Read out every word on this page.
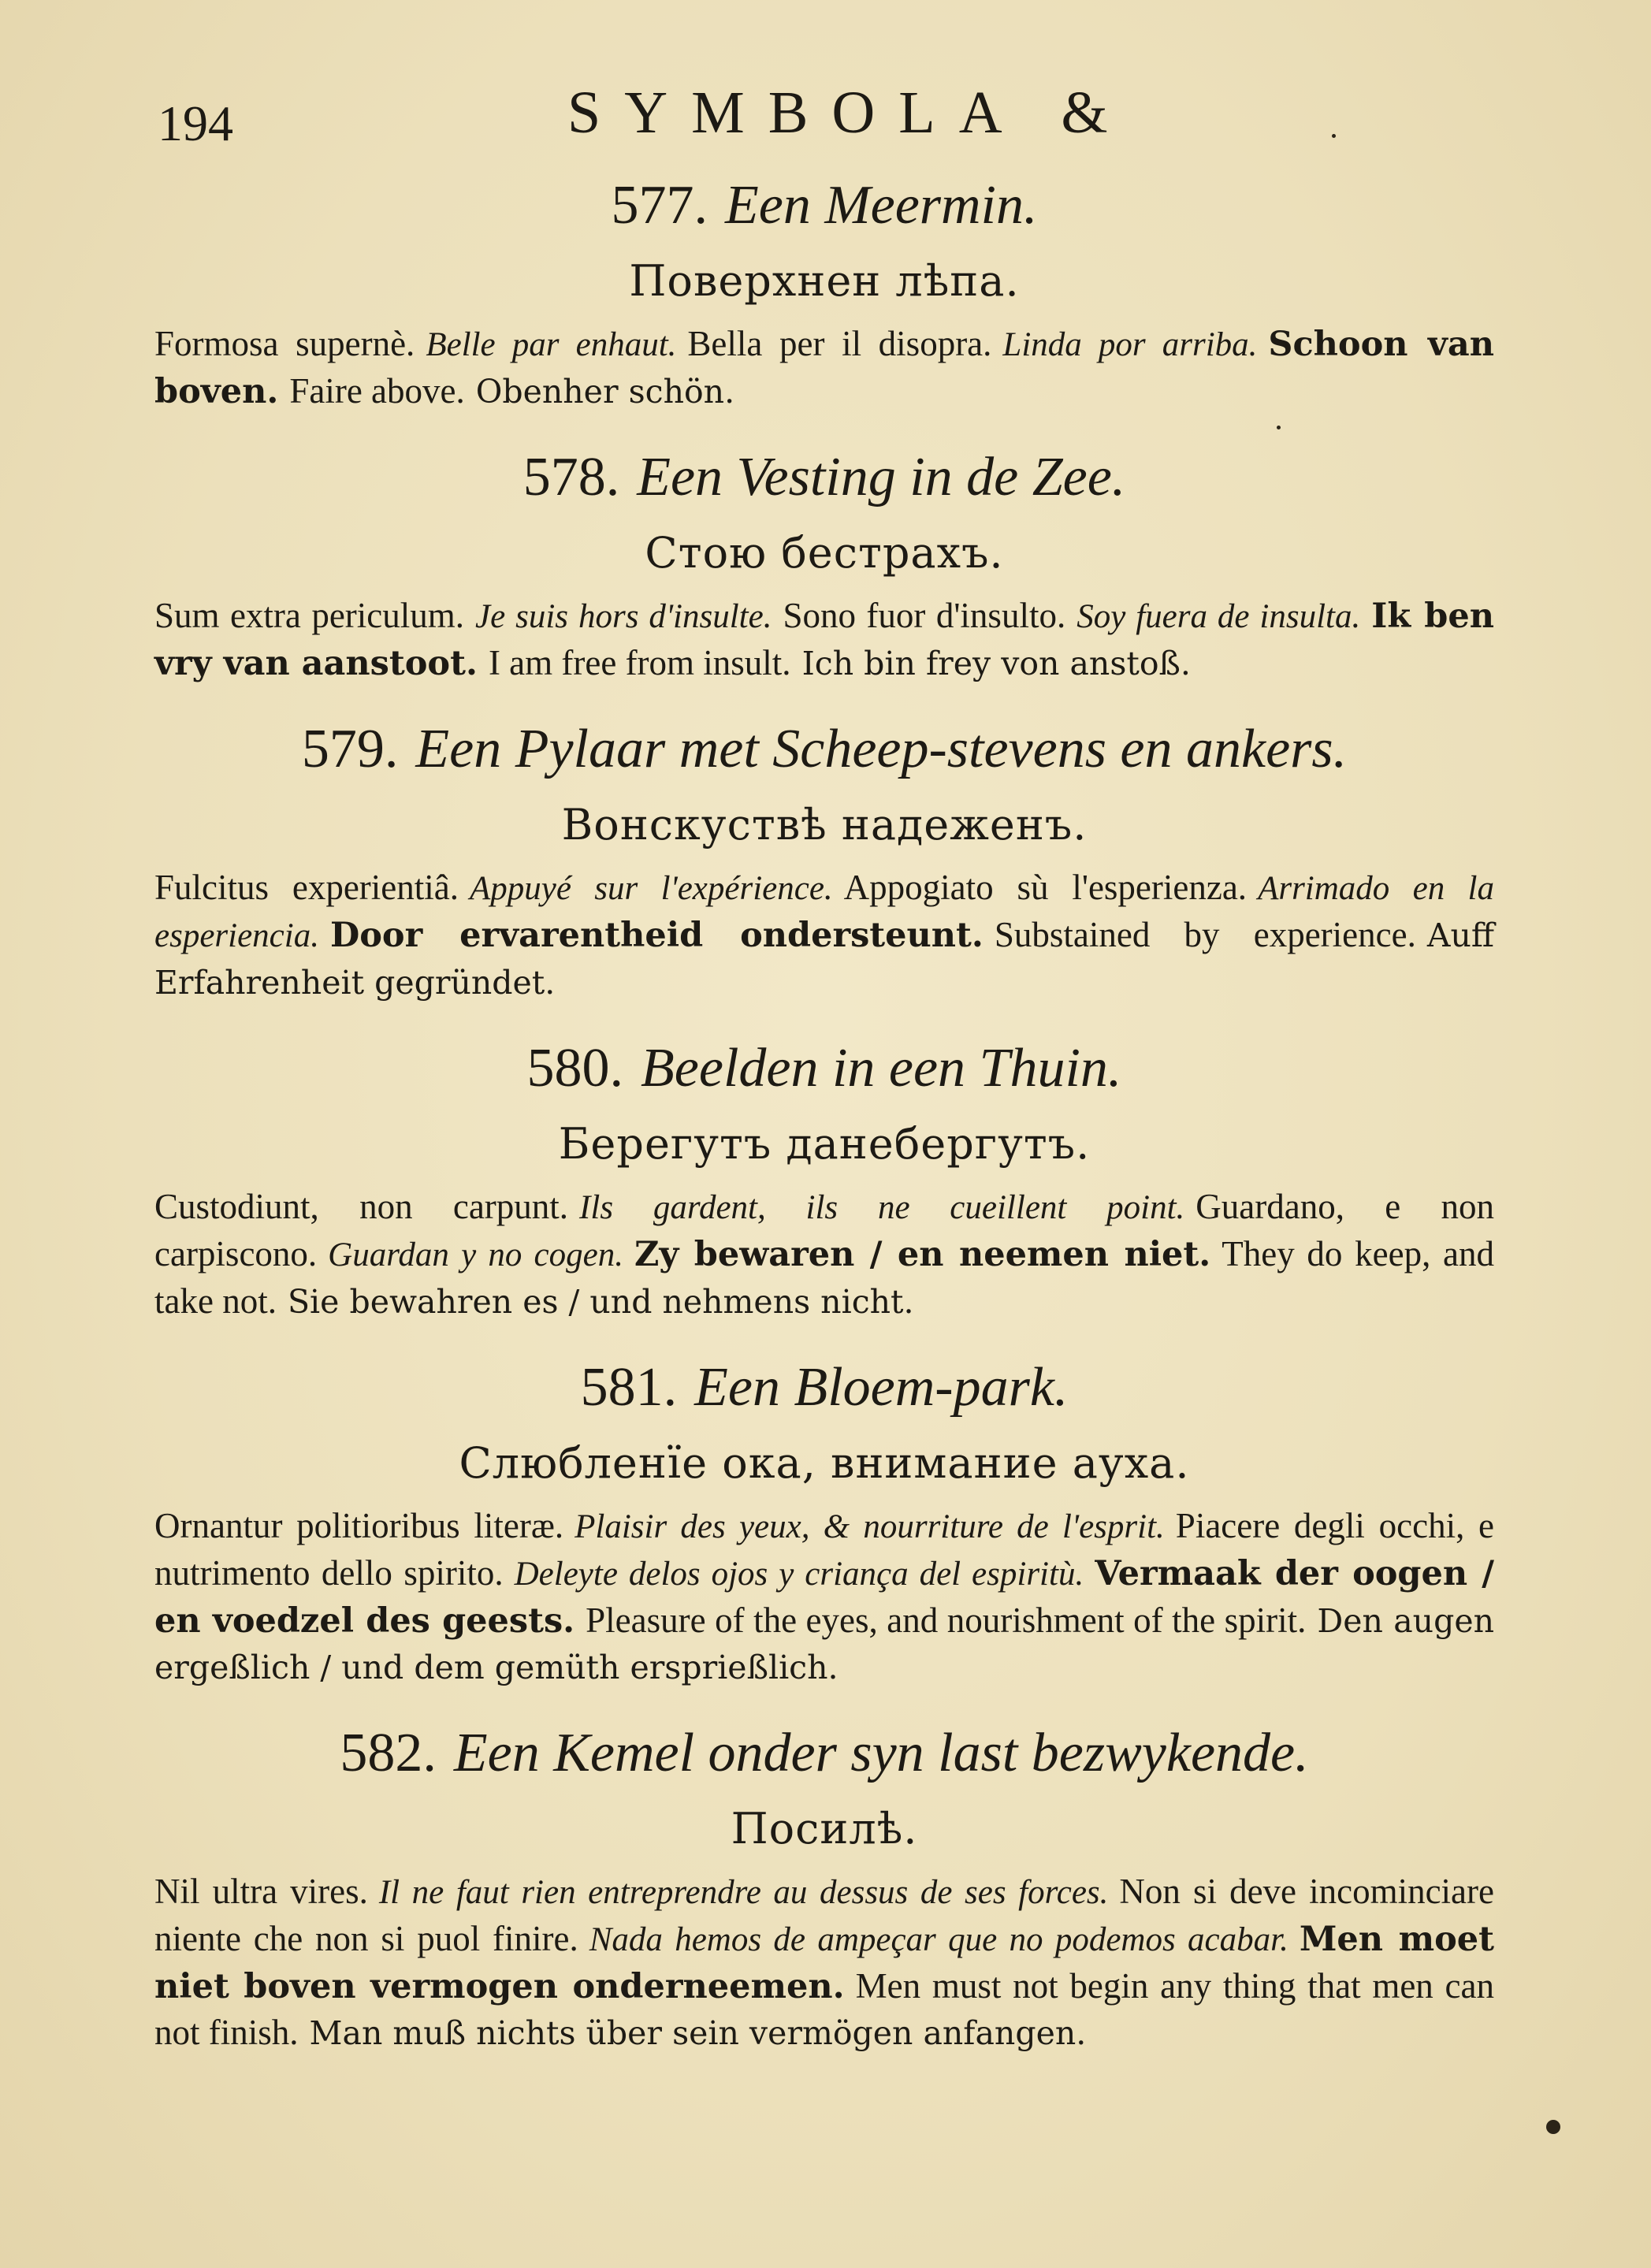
194	SYMBOLA &

577. Een Meermin.

Поверхнен лѣпа.

Formosa supernè. Belle par enhaut. Bella per il disopra. Linda por arriba. Schoon van boven. Faire above. Obenher schön.

578. Een Vesting in de Zee.

Стою бестрахъ.

Sum extra periculum. Je suis hors d'insulte. Sono fuor d'insulto. Soy fuera de insulta. Ik ben vry van aanstoot. I am free from insult. Ich bin frey von anstoß.

579. Een Pylaar met Scheep-stevens en ankers.

Вонскуствѣ надеженъ.

Fulcitus experientiâ. Appuyé sur l'expérience. Appogiato sù l'esperienza. Arrimado en la esperiencia. Door ervarentheid ondersteunt. Substained by experience. Auff Erfahrenheit gegründet.

580. Beelden in een Thuin.

Берегутъ данебергутъ.

Custodiunt, non carpunt. Ils gardent, ils ne cueillent point. Guardano, e non carpiscono. Guardan y no cogen. Zy bewaren / en neemen niet. They do keep, and take not. Sie bewahren es / und nehmens nicht.

581. Een Bloem-park.

Слюбленїе ока, внимание ауха.

Ornantur politioribus literæ. Plaisir des yeux, & nourriture de l'esprit. Piacere degli occhi, e nutrimento dello spirito. Deleyte delos ojos y criança del espiritù. Vermaak der oogen / en voedzel des geests. Pleasure of the eyes, and nourishment of the spirit. Den augen ergeßlich / und dem gemüth ersprießlich.

582. Een Kemel onder syn last bezwykende.

Посилѣ.

Nil ultra vires. Il ne faut rien entreprendre au dessus de ses forces. Non si deve incominciare niente che non si puol finire. Nada hemos de ampeçar que no podemos acabar. Men moet niet boven vermogen onderneemen. Men must not begin any thing that men can not finish. Man muß nichts über sein vermögen anfangen.
